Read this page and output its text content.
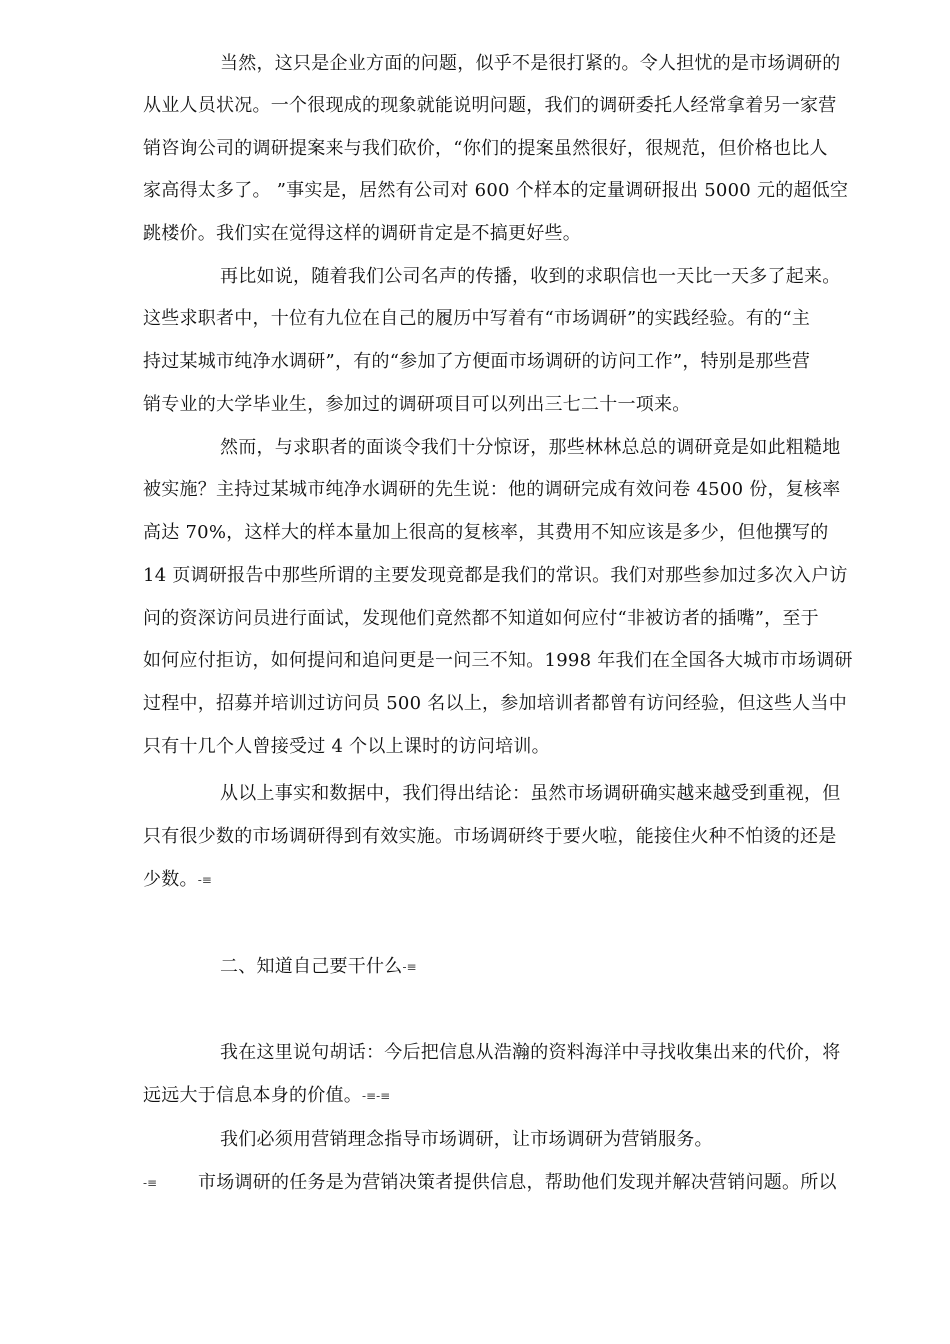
当然，这只是企业方面的问题，似乎不是很打紧的。令人担忧的是市场调研的
从业人员状况。一个很现成的现象就能说明问题，我们的调研委托人经常拿着另一家营
销咨询公司的调研提案来与我们砍价，“你们的提案虽然很好，很规范，但价格也比人
家高得太多了。 ”事实是，居然有公司对 600 个样本的定量调研报出 5000 元的超低空
跳楼价。我们实在觉得这样的调研肯定是不搞更好些。
再比如说，随着我们公司名声的传播，收到的求职信也一天比一天多了起来。
这些求职者中，十位有九位在自己的履历中写着有“市场调研”的实践经验。有的“主
持过某城市纯净水调研”，有的“参加了方便面市场调研的访问工作”，特别是那些营
销专业的大学毕业生，参加过的调研项目可以列出三七二十一项来。
然而，与求职者的面谈令我们十分惊讶，那些林林总总的调研竟是如此粗糙地
被实施？主持过某城市纯净水调研的先生说：他的调研完成有效问卷 4500 份，复核率
高达 70%，这样大的样本量加上很高的复核率，其费用不知应该是多少，但他撰写的
14 页调研报告中那些所谓的主要发现竟都是我们的常识。我们对那些参加过多次入户访
问的资深访问员进行面试，发现他们竟然都不知道如何应付“非被访者的插嘴”，至于
如何应付拒访，如何提问和追问更是一问三不知。1998 年我们在全国各大城市市场调研
过程中，招募并培训过访问员 500 名以上，参加培训者都曾有访问经验，但这些人当中
只有十几个人曾接受过 4 个以上课时的访问培训。
从以上事实和数据中，我们得出结论：虽然市场调研确实越来越受到重视，但
只有很少数的市场调研得到有效实施。市场调研终于要火啦，能接住火种不怕烫的还是
少数。-≡
二、知道自己要干什么-≡
我在这里说句胡话：今后把信息从浩瀚的资料海洋中寻找收集出来的代价，将
远远大于信息本身的价值。-≡-≡
我们必须用营销理念指导市场调研，让市场调研为营销服务。
-≡	市场调研的任务是为营销决策者提供信息，帮助他们发现并解决营销问题。所以
